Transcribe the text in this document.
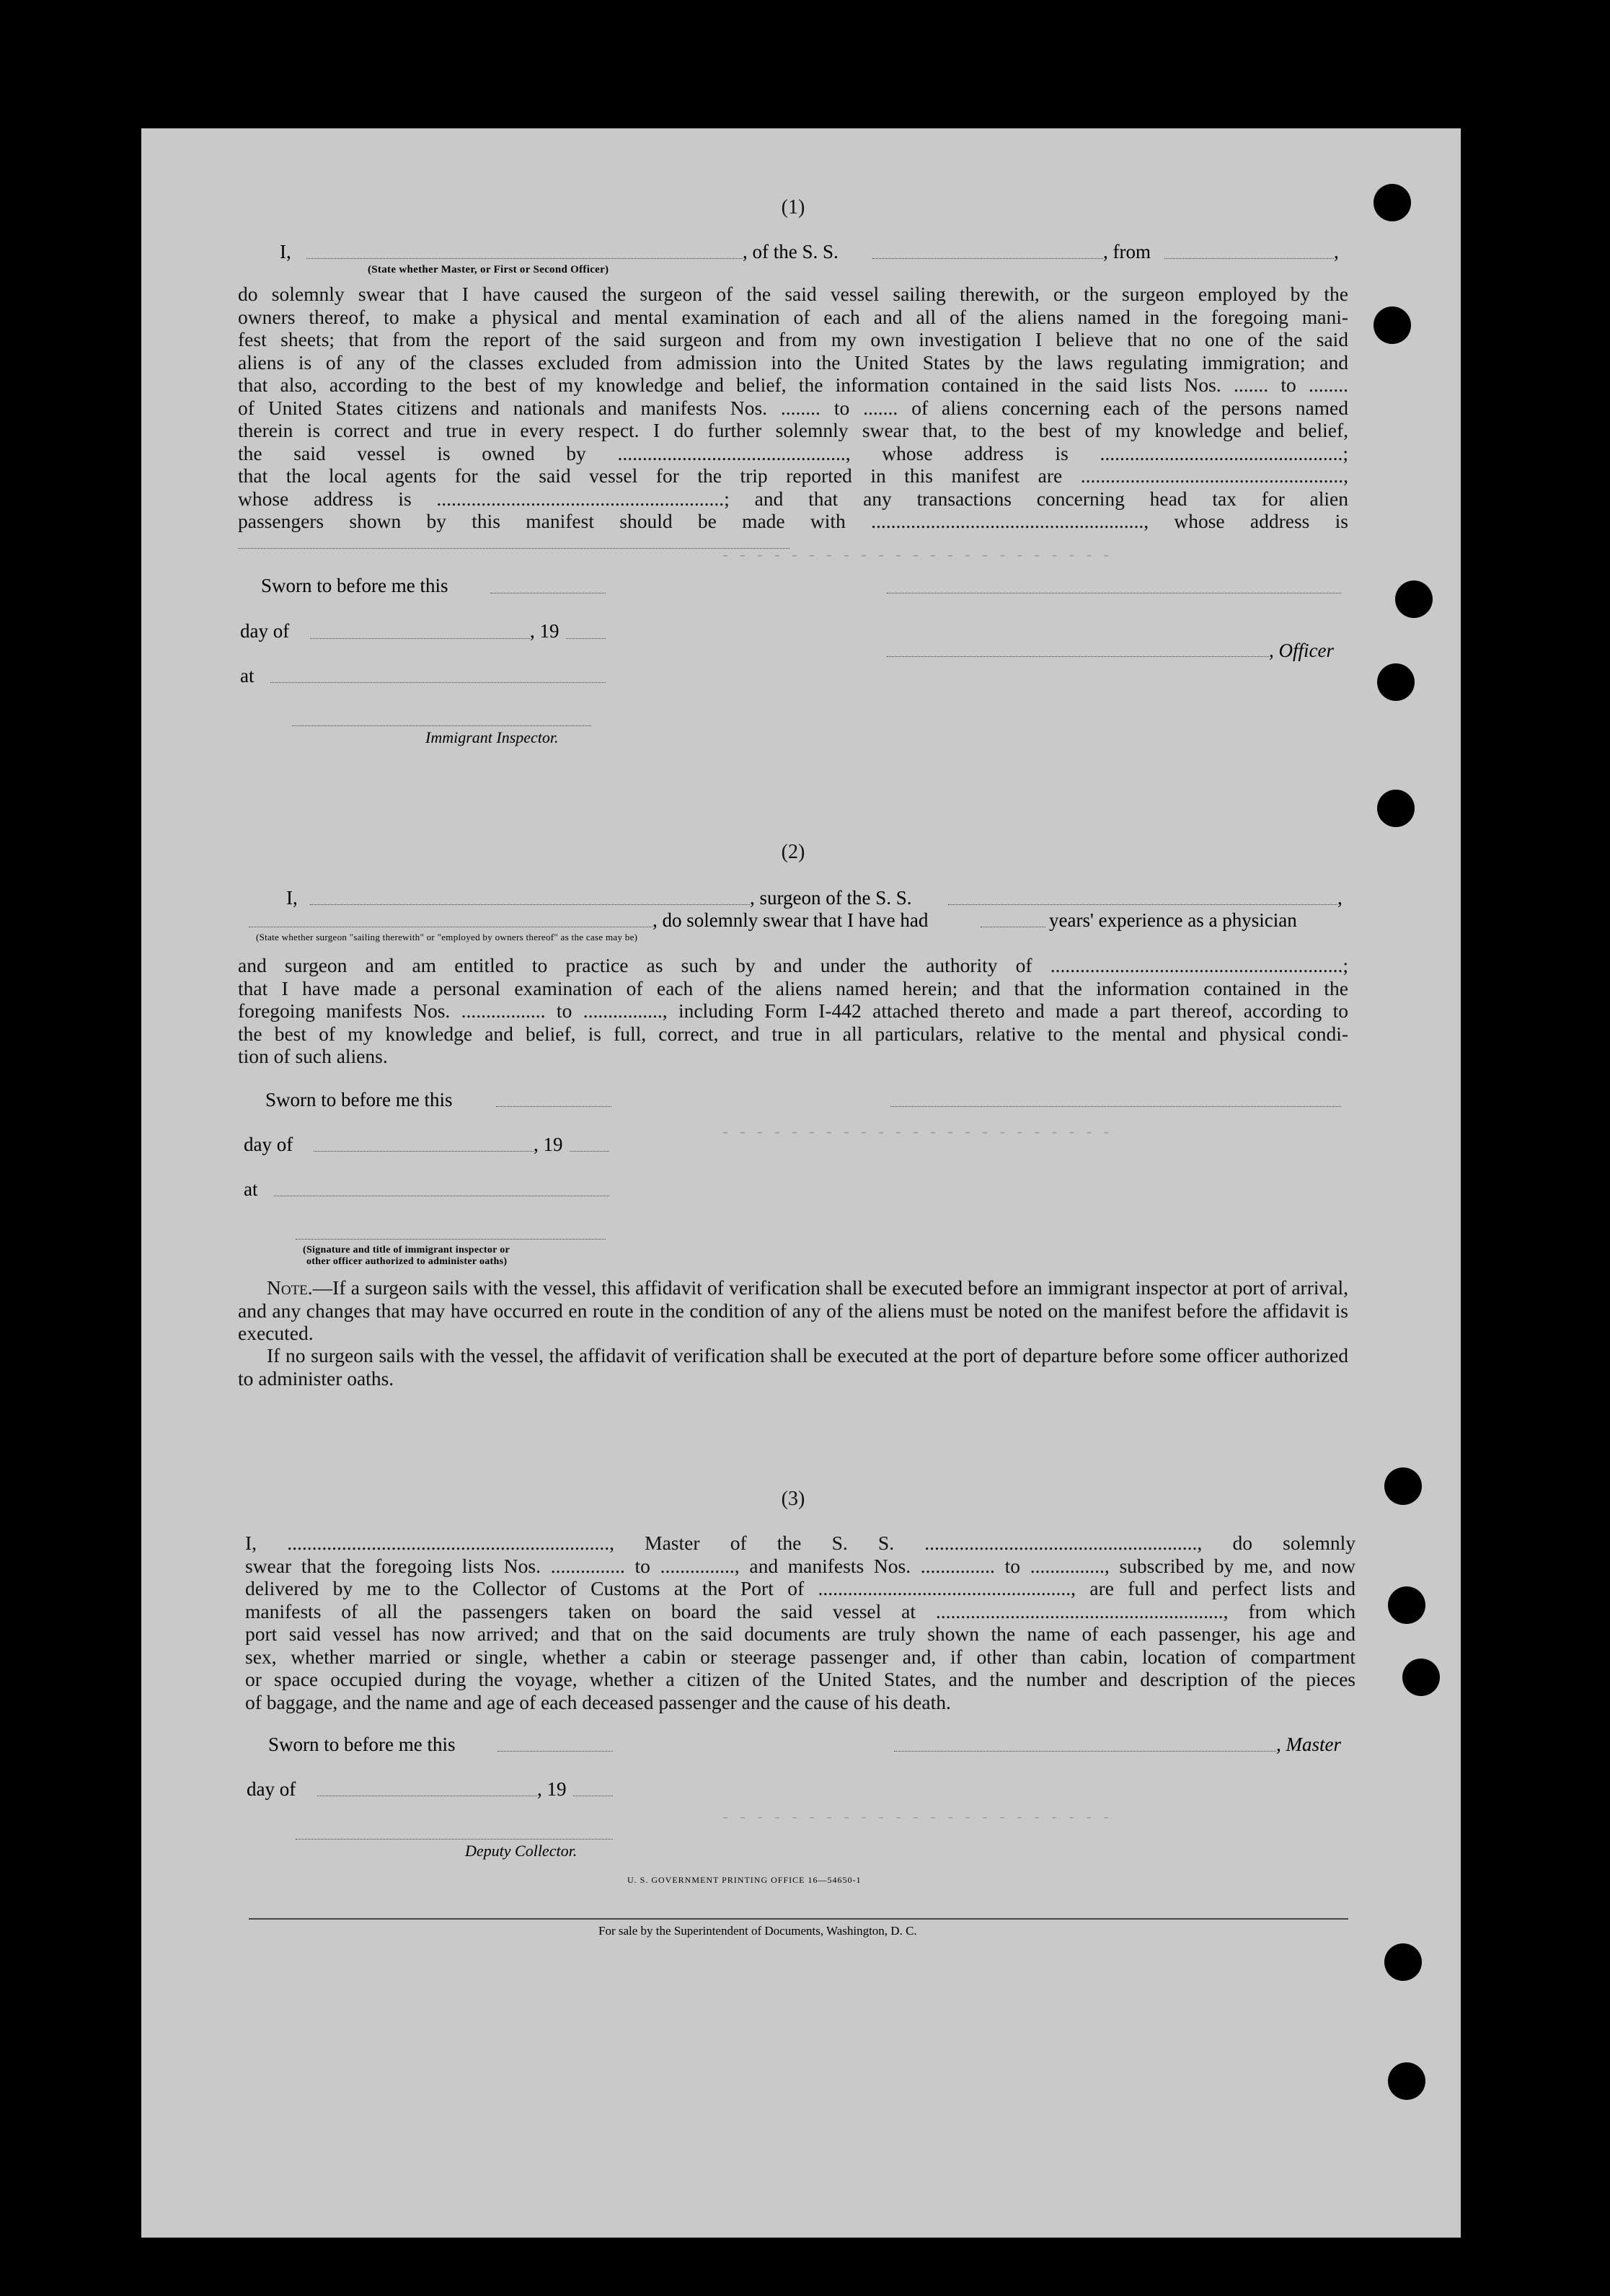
- - - - - - - - - - - - - - - - - - - - - - -
- - - - - - - - - - - - - - - - - - - - - - -
- - - - - - - - - - - - - - - - - - - - - - -
(1)
I,	, of the S. S.	, from	,
(State whether Master, or First or Second Officer)
do solemnly swear that I have caused the surgeon of the said vessel sailing therewith, or the surgeon employed by the
owners thereof, to make a physical and mental examination of each and all of the aliens named in the foregoing mani-
fest sheets; that from the report of the said surgeon and from my own investigation I believe that no one of the said
aliens is of any of the classes excluded from admission into the United States by the laws regulating immigration; and
that also, according to the best of my knowledge and belief, the information contained in the said lists Nos. ....... to ........
of United States citizens and nationals and manifests Nos. ........ to ....... of aliens concerning each of the persons named
therein is correct and true in every respect. I do further solemnly swear that, to the best of my knowledge and belief,
the said vessel is owned by .............................................., whose address is .................................................;
that the local agents for the said vessel for the trip reported in this manifest are .....................................................,
whose address is ..........................................................; and that any transactions concerning head tax for alien
passengers shown by this manifest should be made with ......................................................., whose address is
Sworn to before me this
day of	, 19
, Officer
at
Immigrant Inspector.
(2)
I,	, surgeon of the S. S.	,
, do solemnly swear that I have had	years' experience as a physician
(State whether surgeon "sailing therewith" or "employed by owners thereof" as the case may be)
and surgeon and am entitled to practice as such by and under the authority of ...........................................................;
that I have made a personal examination of each of the aliens named herein; and that the information contained in the
foregoing manifests Nos. ................. to ................, including Form I-442 attached thereto and made a part thereof, according to
the best of my knowledge and belief, is full, correct, and true in all particulars, relative to the mental and physical condi-
tion of such aliens.
Sworn to before me this
day of	, 19
at
(Signature and title of immigrant inspector or
other officer authorized to administer oaths)
Note.—If a surgeon sails with the vessel, this affidavit of verification shall be executed before an immigrant inspector at port of arrival, and any changes that may have occurred en route in the condition of any of the aliens must be noted on the manifest before the affidavit is executed.
If no surgeon sails with the vessel, the affidavit of verification shall be executed at the port of departure before some officer authorized to administer oaths.
(3)
I, ................................................................., Master of the S. S. ......................................................., do solemnly
swear that the foregoing lists Nos. ............... to ..............., and manifests Nos. ............... to ..............., subscribed by me, and now
delivered by me to the Collector of Customs at the Port of ..................................................., are full and perfect lists and
manifests of all the passengers taken on board the said vessel at .........................................................., from which
port said vessel has now arrived; and that on the said documents are truly shown the name of each passenger, his age and
sex, whether married or single, whether a cabin or steerage passenger and, if other than cabin, location of compartment
or space occupied during the voyage, whether a citizen of the United States, and the number and description of the pieces
of baggage, and the name and age of each deceased passenger and the cause of his death.
Sworn to before me this	, Master
day of	, 19
Deputy Collector.
U. S. GOVERNMENT PRINTING OFFICE 16—54650-1
For sale by the Superintendent of Documents, Washington, D. C.
